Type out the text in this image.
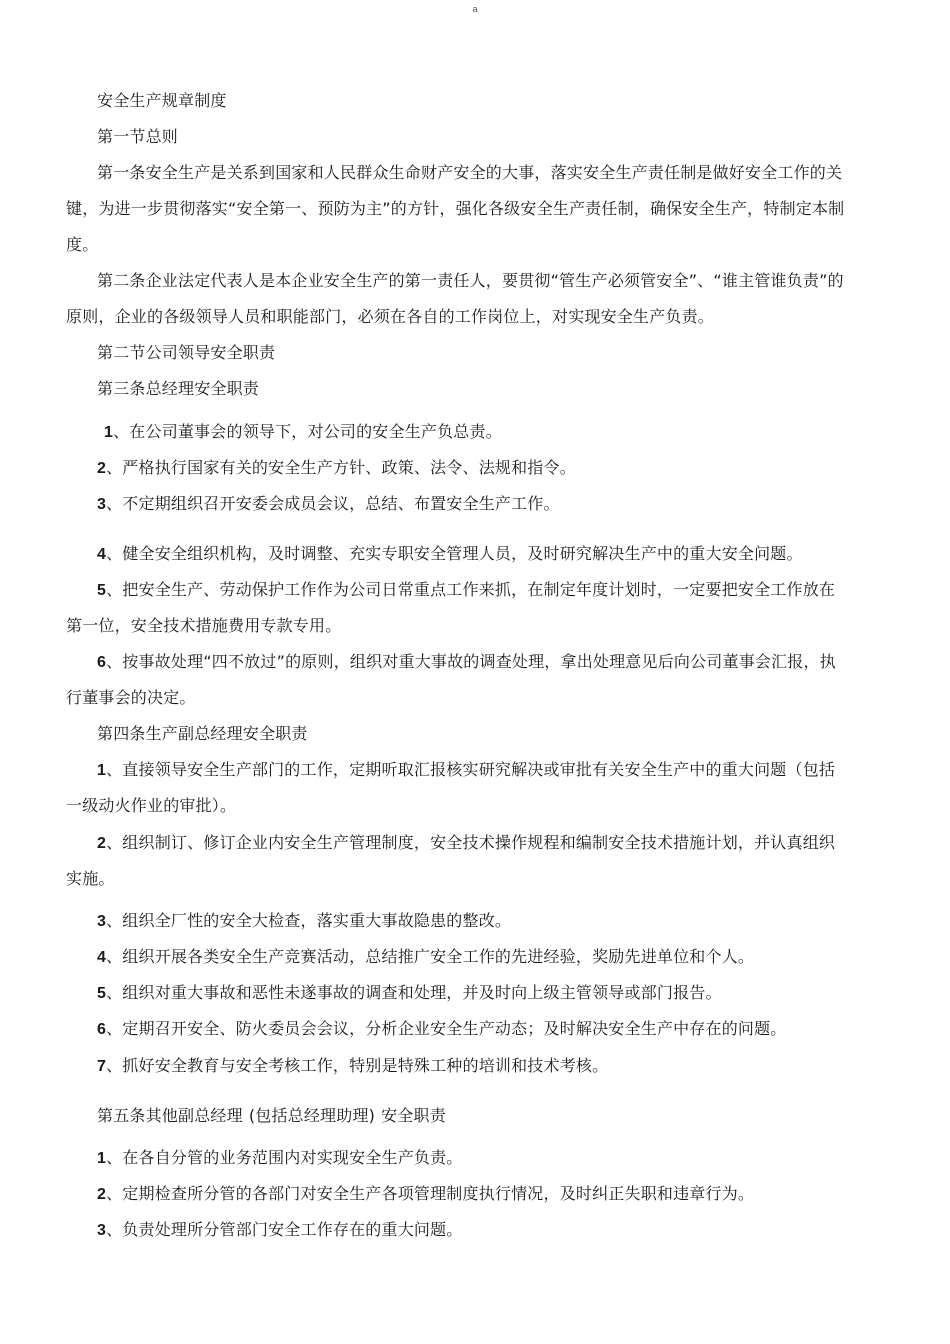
a
安全生产规章制度
第一节总则
第一条安全生产是关系到国家和人民群众生命财产安全的大事，落实安全生产责任制是做好安全工作的关
键，为进一步贯彻落实“安全第一、预防为主”的方针，强化各级安全生产责任制，确保安全生产，特制定本制
度。
第二条企业法定代表人是本企业安全生产的第一责任人，要贯彻“管生产必须管安全”、“谁主管谁负责”的
原则，企业的各级领导人员和职能部门，必须在各自的工作岗位上，对实现安全生产负责。
第二节公司领导安全职责
第三条总经理安全职责
1、在公司董事会的领导下，对公司的安全生产负总责。
2、严格执行国家有关的安全生产方针、政策、法令、法规和指令。
3、不定期组织召开安委会成员会议，总结、布置安全生产工作。
4、健全安全组织机构，及时调整、充实专职安全管理人员，及时研究解决生产中的重大安全问题。
5、把安全生产、劳动保护工作作为公司日常重点工作来抓，在制定年度计划时，一定要把安全工作放在
第一位，安全技术措施费用专款专用。
6、按事故处理“四不放过”的原则，组织对重大事故的调查处理，拿出处理意见后向公司董事会汇报，执
行董事会的决定。
第四条生产副总经理安全职责
1、直接领导安全生产部门的工作，定期听取汇报核实研究解决或审批有关安全生产中的重大问题（包括
一级动火作业的审批）。
2、组织制订、修订企业内安全生产管理制度，安全技术操作规程和编制安全技术措施计划，并认真组织
实施。
3、组织全厂性的安全大检查，落实重大事故隐患的整改。
4、组织开展各类安全生产竞赛活动，总结推广安全工作的先进经验，奖励先进单位和个人。
5、组织对重大事故和恶性未遂事故的调查和处理，并及时向上级主管领导或部门报告。
6、定期召开安全、防火委员会会议，分析企业安全生产动态；及时解决安全生产中存在的问题。
7、抓好安全教育与安全考核工作，特别是特殊工种的培训和技术考核。
第五条其他副总经理 (包括总经理助理) 安全职责
1、在各自分管的业务范围内对实现安全生产负责。
2、定期检查所分管的各部门对安全生产各项管理制度执行情况，及时纠正失职和违章行为。
3、负责处理所分管部门安全工作存在的重大问题。
